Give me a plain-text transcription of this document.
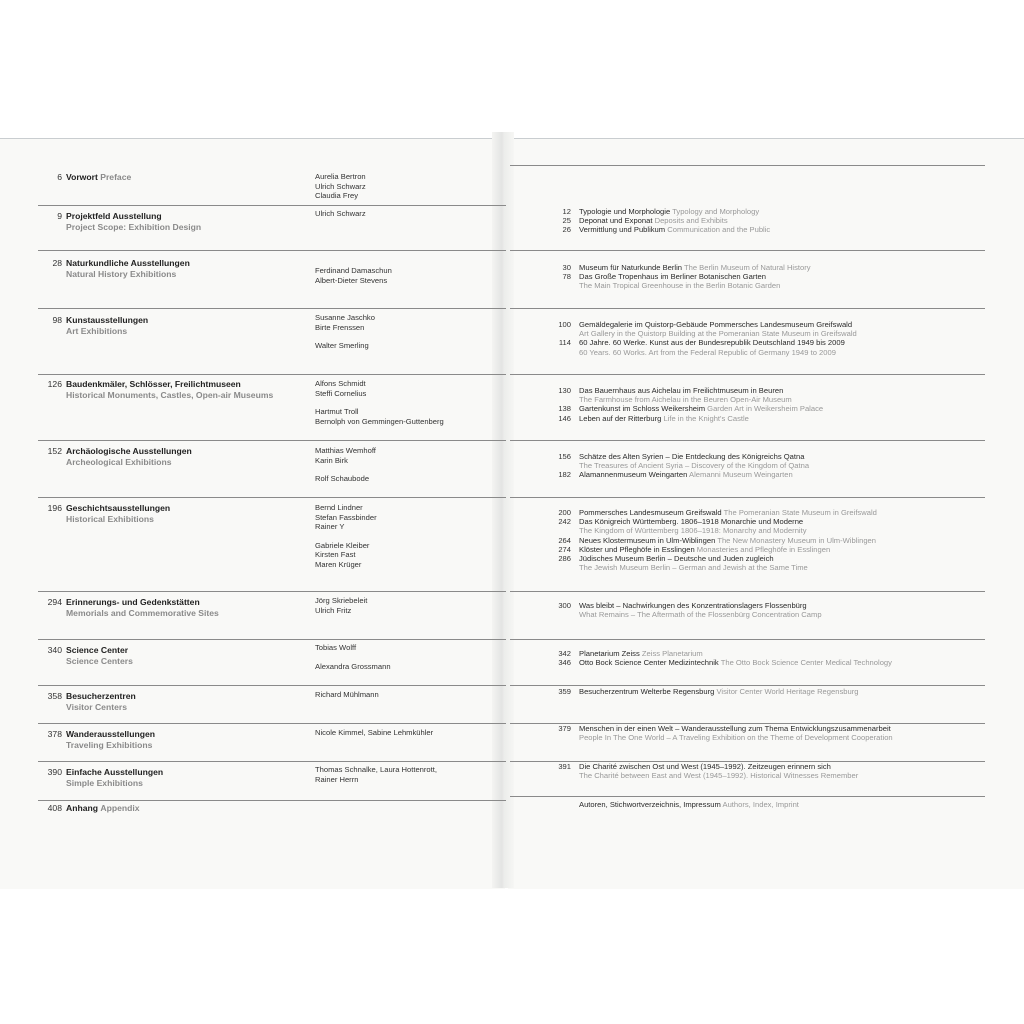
6 Vorwort Preface	Aurelia Bertron
Ulrich Schwarz
Claudia Frey
9 Projektfeld Ausstellung
Project Scope: Exhibition Design
Ulrich Schwarz
28 Naturkundliche Ausstellungen
Natural History Exhibitions	Ferdinand Damaschun
Albert-Dieter Stevens
98 Kunstausstellungen
Art Exhibitions
Susanne Jaschko
Birte Frenssen
Walter Smerling
126 Baudenkmäler, Schlösser, Freilichtmuseen
Historical Monuments, Castles, Open-air Museums
Alfons Schmidt
Steffi Cornelius
Hartmut Troll
Bernolph von Gemmingen-Guttenberg
152 Archäologische Ausstellungen
Archeological Exhibitions
Matthias Wemhoff
Karin Birk
Rolf Schaubode
196 Geschichtsausstellungen
Historical Exhibitions
Bernd Lindner
Stefan Fassbinder
Rainer Y
Gabriele Kleiber
Kirsten Fast
Maren Krüger
294 Erinnerungs- und Gedenkstätten
Memorials and Commemorative Sites
Jörg Skriebeleit
Ulrich Fritz
340 Science Center
Science Centers
Tobias Wolff
Alexandra Grossmann
358 Besucherzentren
Visitor Centers
Richard Mühlmann
378 Wanderausstellungen
Traveling Exhibitions
Nicole Kimmel, Sabine Lehmkühler
390 Einfache Ausstellungen
Simple Exhibitions
Thomas Schnalke, Laura Hottenrott,
Rainer Herrn
408 Anhang Appendix
12 Typologie und Morphologie Typology and Morphology
25 Deponat und Exponat Deposits and Exhibits
26 Vermittlung und Publikum Communication and the Public
30 Museum für Naturkunde Berlin The Berlin Museum of Natural History
78 Das Große Tropenhaus im Berliner Botanischen Garten
The Main Tropical Greenhouse in the Berlin Botanic Garden
100 Gemäldegalerie im Quistorp-Gebäude Pommersches Landesmuseum Greifswald
Art Gallery in the Quistorp Building at the Pomeranian State Museum in Greifswald
114 60 Jahre. 60 Werke. Kunst aus der Bundesrepublik Deutschland 1949 bis 2009
60 Years. 60 Works. Art from the Federal Republic of Germany 1949 to 2009
130 Das Bauernhaus aus Aichelau im Freilichtmuseum in Beuren
The Farmhouse from Aichelau in the Beuren Open-Air Museum
138 Gartenkunst im Schloss Weikersheim Garden Art in Weikersheim Palace
146 Leben auf der Ritterburg Life in the Knight's Castle
156 Schätze des Alten Syrien – Die Entdeckung des Königreichs Qatna
The Treasures of Ancient Syria – Discovery of the Kingdom of Qatna
182 Alamannenmuseum Weingarten Alemanni Museum Weingarten
200 Pommersches Landesmuseum Greifswald The Pomeranian State Museum in Greifswald
242 Das Königreich Württemberg. 1806–1918 Monarchie und Moderne
The Kingdom of Württemberg 1806–1918: Monarchy and Modernity
264 Neues Klostermuseum in Ulm-Wiblingen The New Monastery Museum in Ulm-Wiblingen
274 Klöster und Pfleghöfe in Esslingen Monasteries and Pfleghöfe in Esslingen
286 Jüdisches Museum Berlin – Deutsche und Juden zugleich
The Jewish Museum Berlin – German and Jewish at the Same Time
300 Was bleibt – Nachwirkungen des Konzentrationslagers Flossenbürg
What Remains – The Aftermath of the Flossenbürg Concentration Camp
342 Planetarium Zeiss Zeiss Planetarium
346 Otto Bock Science Center Medizintechnik The Otto Bock Science Center Medical Technology
359 Besucherzentrum Welterbe Regensburg Visitor Center World Heritage Regensburg
379 Menschen in der einen Welt – Wanderausstellung zum Thema Entwicklungszusammenarbeit
People In The One World – A Traveling Exhibition on the Theme of Development Cooperation
391 Die Charité zwischen Ost und West (1945–1992). Zeitzeugen erinnern sich
The Charité between East and West (1945–1992). Historical Witnesses Remember
Autoren, Stichwortverzeichnis, Impressum Authors, Index, Imprint
